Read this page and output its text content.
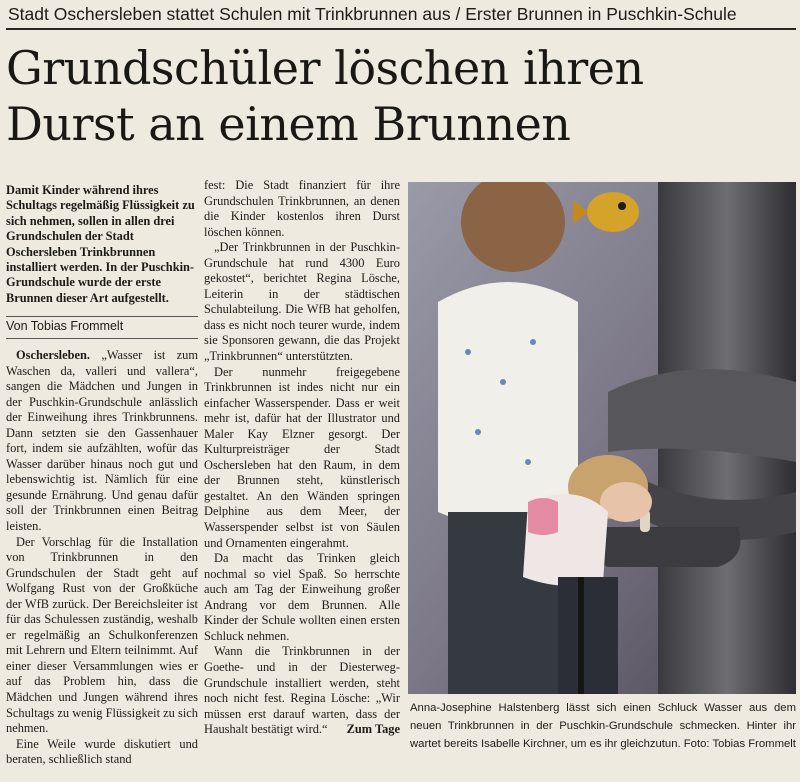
Stadt Oschersleben stattet Schulen mit Trinkbrunnen aus / Erster Brunnen in Puschkin-Schule
Grundschüler löschen ihren
Durst an einem Brunnen
Damit Kinder während ihres Schultags regelmäßig Flüssigkeit zu sich nehmen, sollen in allen drei Grundschulen der Stadt Oschersleben Trinkbrunnen installiert werden. In der Puschkin-Grundschule wurde der erste Brunnen dieser Art aufgestellt.
Von Tobias Frommelt

Oschersleben. „Wasser ist zum Waschen da, valleri und vallera“, sangen die Mädchen und Jungen in der Puschkin-Grundschule anlässlich der Einweihung ihres Trinkbrunnens. Dann setzten sie den Gassenhauer fort, indem sie aufzählten, wofür das Wasser darüber hinaus noch gut und lebenswichtig ist. Nämlich für eine gesunde Ernährung. Und genau dafür soll der Trinkbrunnen einen Beitrag leisten.

Der Vorschlag für die Installation von Trinkbrunnen in den Grundschulen der Stadt geht auf Wolfgang Rust von der Großküche der WfB zurück. Der Bereichsleiter ist für das Schulessen zuständig, weshalb er regelmäßig an Schulkonferenzen mit Lehrern und Eltern teilnimmt. Auf einer dieser Versammlungen wies er auf das Problem hin, dass die Mädchen und Jungen während ihres Schultags zu wenig Flüssigkeit zu sich nehmen.

Eine Weile wurde diskutiert und beraten, schließlich stand

fest: Die Stadt finanziert für ihre Grundschulen Trinkbrunnen, an denen die Kinder kostenlos ihren Durst löschen können.

„Der Trinkbrunnen in der Puschkin-Grundschule hat rund 4300 Euro gekostet“, berichtet Regina Lösche, Leiterin in der städtischen Schulabteilung. Die WfB hat geholfen, dass es nicht noch teurer wurde, indem sie Sponsoren gewann, die das Projekt „Trinkbrunnen“ unterstützten.

Der nunmehr freigegebene Trinkbrunnen ist indes nicht nur ein einfacher Wasserspender. Dass er weit mehr ist, dafür hat der Illustrator und Maler Kay Elzner gesorgt. Der Kulturpreisträger der Stadt Oschersleben hat den Raum, in dem der Brunnen steht, künstlerisch gestaltet. An den Wänden springen Delphine aus dem Meer, der Wasserspender selbst ist von Säulen und Ornamenten eingerahmt.

Da macht das Trinken gleich nochmal so viel Spaß. So herrschte auch am Tag der Einweihung großer Andrang vor dem Brunnen. Alle Kinder der Schule wollten einen ersten Schluck nehmen.

Wann die Trinkbrunnen in der Goethe- und in der Diesterweg-Grundschule installiert werden, steht noch nicht fest. Regina Lösche: „Wir müssen erst darauf warten, dass der Haushalt bestätigt wird.“	Zum Tage

Anna-Josephine Halstenberg lässt sich einen Schluck Wasser aus dem neuen Trinkbrunnen in der Puschkin-Grundschule schmecken. Hinter ihr wartet bereits Isabelle Kirchner, um es ihr gleichzutun. Foto: Tobias Frommelt
